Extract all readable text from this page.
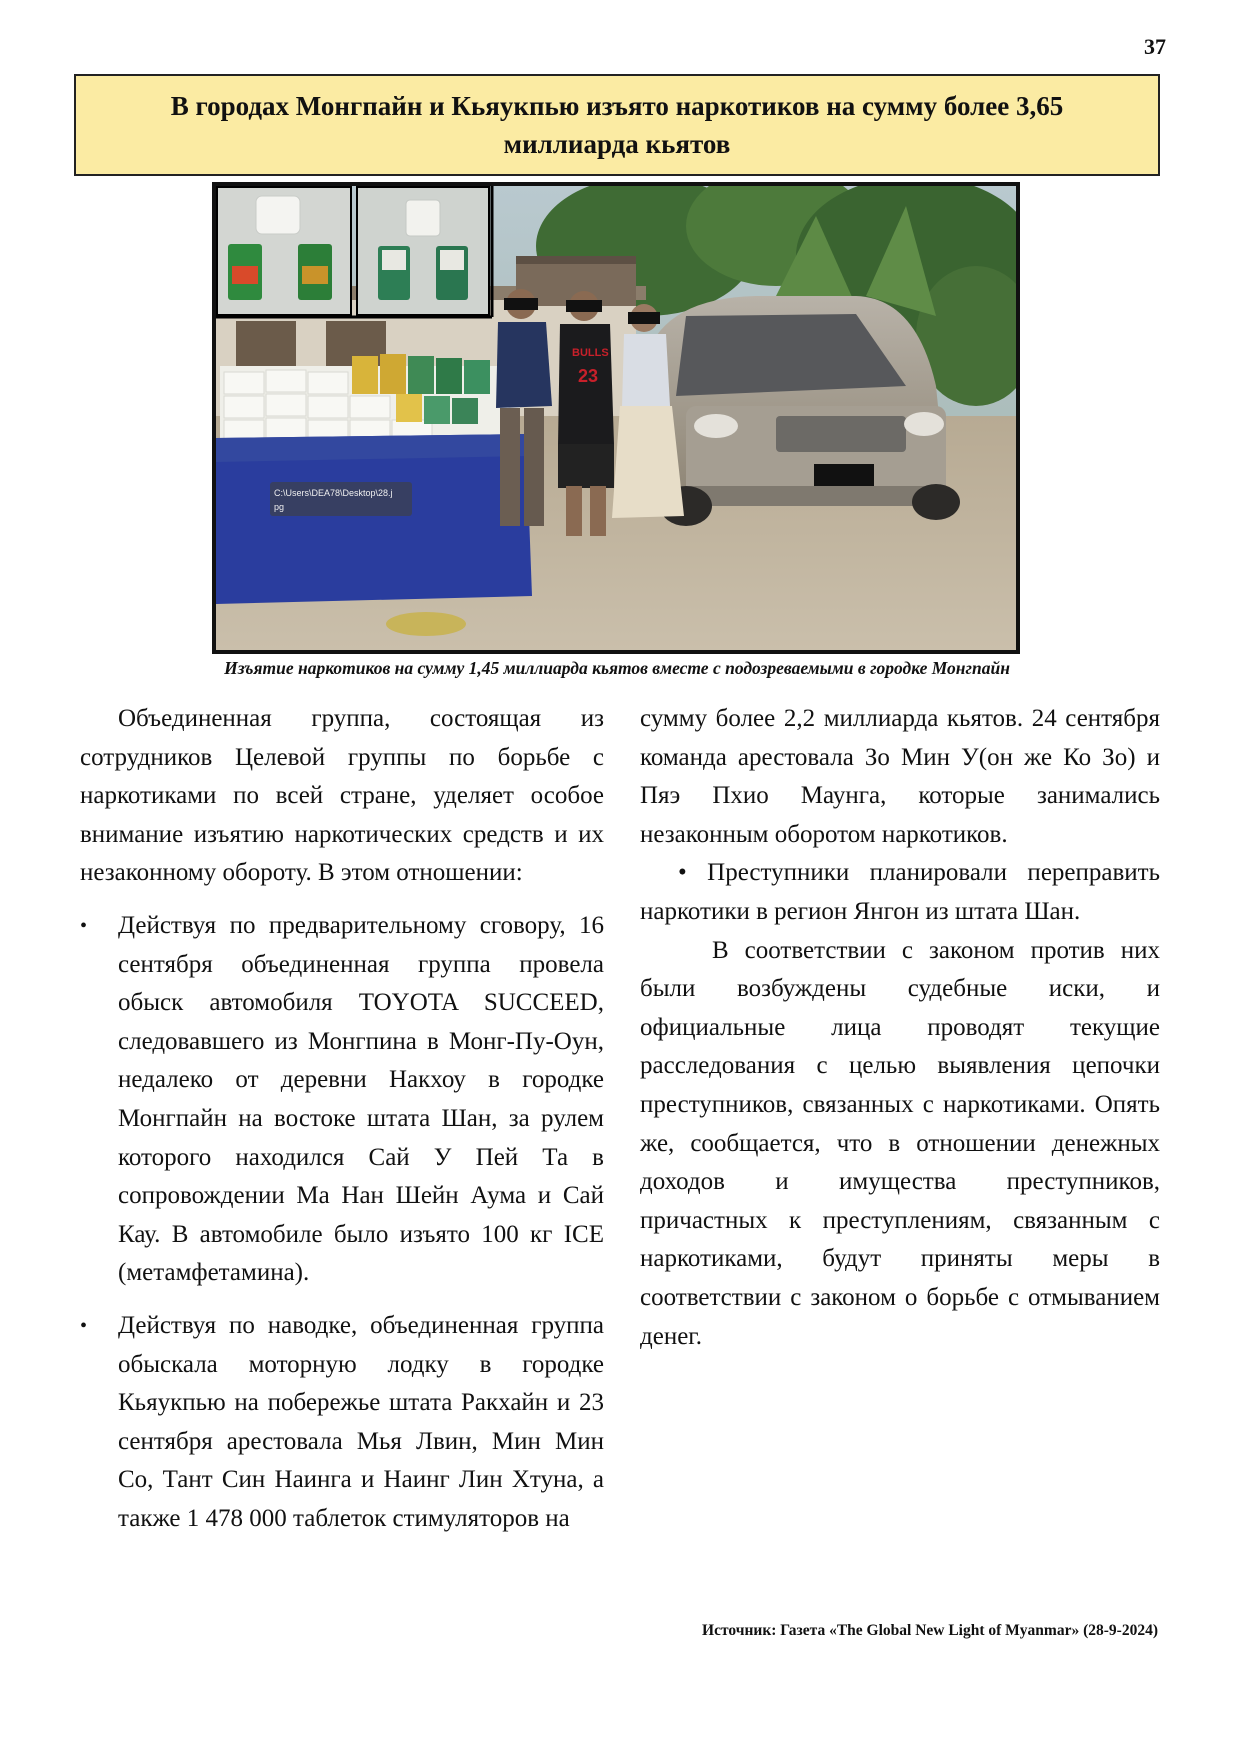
37
В городах Монгпайн и Кьяукпью изъято наркотиков на сумму более 3,65 миллиарда кьятов
C:\Users\DEA78\Desktop\28.j
pg
BULLS
23
Изъятие наркотиков на сумму 1,45 миллиарда кьятов вместе с подозреваемыми в городке Монгпайн

Объединенная группа, состоящая из сотрудников Целевой группы по борьбе с наркотиками по всей стране, уделяет особое внимание изъятию наркотических средств и их незаконному обороту. В этом отношении:

• Действуя по предварительному сговору, 16 сентября объединенная группа провела обыск автомобиля TOYOTA SUCCEED, следовавшего из Монгпина в Монг-Пу-Оун, недалеко от деревни Накхоу в городке Монгпайн на востоке штата Шан, за рулем которого находился Сай У Пей Та в сопровождении Ма Нан Шейн Аума и Сай Кау. В автомобиле было изъято 100 кг ICE (метамфетамина).
• Действуя по наводке, объединенная группа обыскала моторную лодку в городке Кьяукпью на побережье штата Ракхайн и 23 сентября арестовала Мья Лвин, Мин Мин Со, Тант Син Наинга и Наинг Лин Хтуна, а также 1 478 000 таблеток стимуляторов на

сумму более 2,2 миллиарда кьятов. 24 сентября команда арестовала Зо Мин У(он же Ко Зо) и Пяэ Пхио Маунга, которые занимались незаконным оборотом наркотиков.

• Преступники планировали переправить наркотики в регион Янгон из штата Шан.

В соответствии с законом против них были возбуждены судебные иски, и официальные лица проводят текущие расследования с целью выявления цепочки преступников, связанных с наркотиками. Опять же, сообщается, что в отношении денежных доходов и имущества преступников, причастных к преступлениям, связанным с наркотиками, будут приняты меры в соответствии с законом о борьбе с отмыванием денег.

Источник: Газета «The Global New Light of Myanmar» (28-9-2024)
